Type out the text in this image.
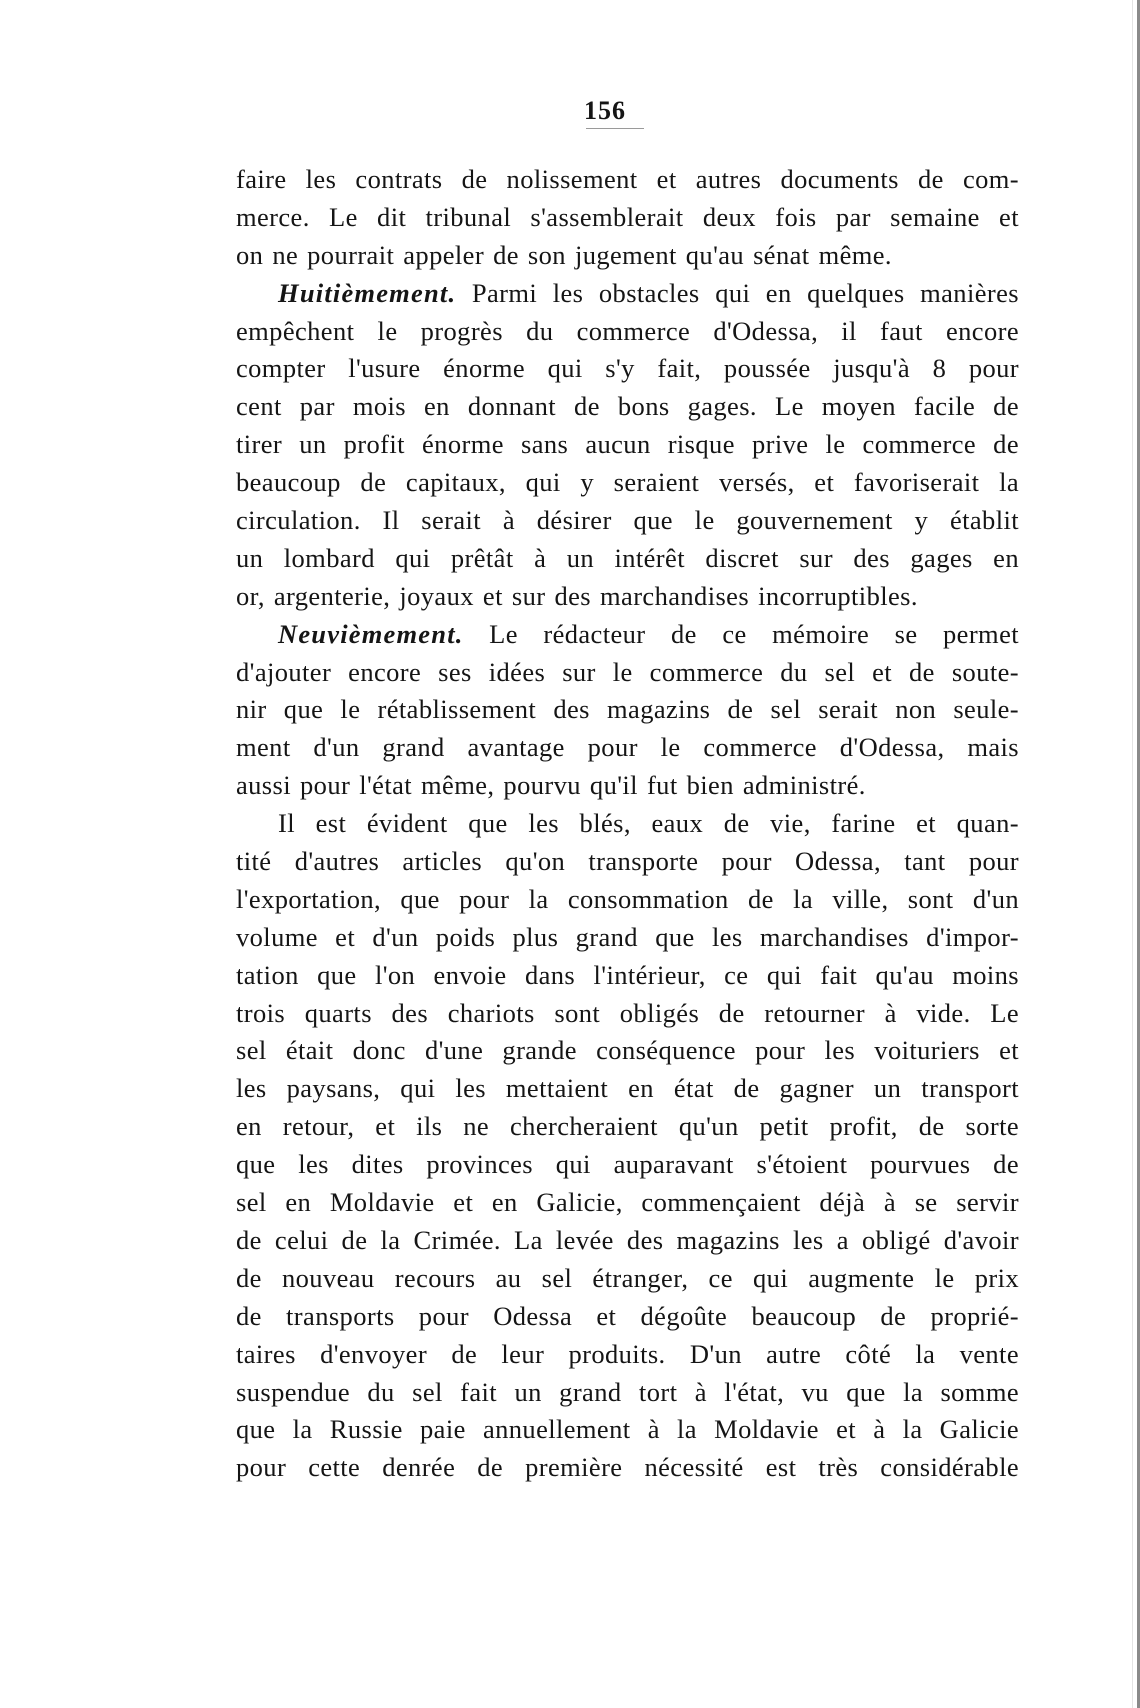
156
faire les contrats de nolissement et autres documents de com-
merce. Le dit tribunal s'assemblerait deux fois par semaine et
on ne pourrait appeler de son jugement qu'au sénat même.
Huitièmement. Parmi les obstacles qui en quelques manières
empêchent le progrès du commerce d'Odessa, il faut encore
compter l'usure énorme qui s'y fait, poussée jusqu'à 8 pour
cent par mois en donnant de bons gages. Le moyen facile de
tirer un profit énorme sans aucun risque prive le commerce de
beaucoup de capitaux, qui y seraient versés, et favoriserait la
circulation. Il serait à désirer que le gouvernement y établit
un lombard qui prêtât à un intérêt discret sur des gages en
or, argenterie, joyaux et sur des marchandises incorruptibles.
Neuvièmement. Le rédacteur de ce mémoire se permet
d'ajouter encore ses idées sur le commerce du sel et de soute-
nir que le rétablissement des magazins de sel serait non seule-
ment d'un grand avantage pour le commerce d'Odessa, mais
aussi pour l'état même, pourvu qu'il fut bien administré.
Il est évident que les blés, eaux de vie, farine et quan-
tité d'autres articles qu'on transporte pour Odessa, tant pour
l'exportation, que pour la consommation de la ville, sont d'un
volume et d'un poids plus grand que les marchandises d'impor-
tation que l'on envoie dans l'intérieur, ce qui fait qu'au moins
trois quarts des chariots sont obligés de retourner à vide. Le
sel était donc d'une grande conséquence pour les voituriers et
les paysans, qui les mettaient en état de gagner un transport
en retour, et ils ne chercheraient qu'un petit profit, de sorte
que les dites provinces qui auparavant s'étoient pourvues de
sel en Moldavie et en Galicie, commençaient déjà à se servir
de celui de la Crimée. La levée des magazins les a obligé d'avoir
de nouveau recours au sel étranger, ce qui augmente le prix
de transports pour Odessa et dégoûte beaucoup de proprié-
taires d'envoyer de leur produits. D'un autre côté la vente
suspendue du sel fait un grand tort à l'état, vu que la somme
que la Russie paie annuellement à la Moldavie et à la Galicie
pour cette denrée de première nécessité est très considérable
